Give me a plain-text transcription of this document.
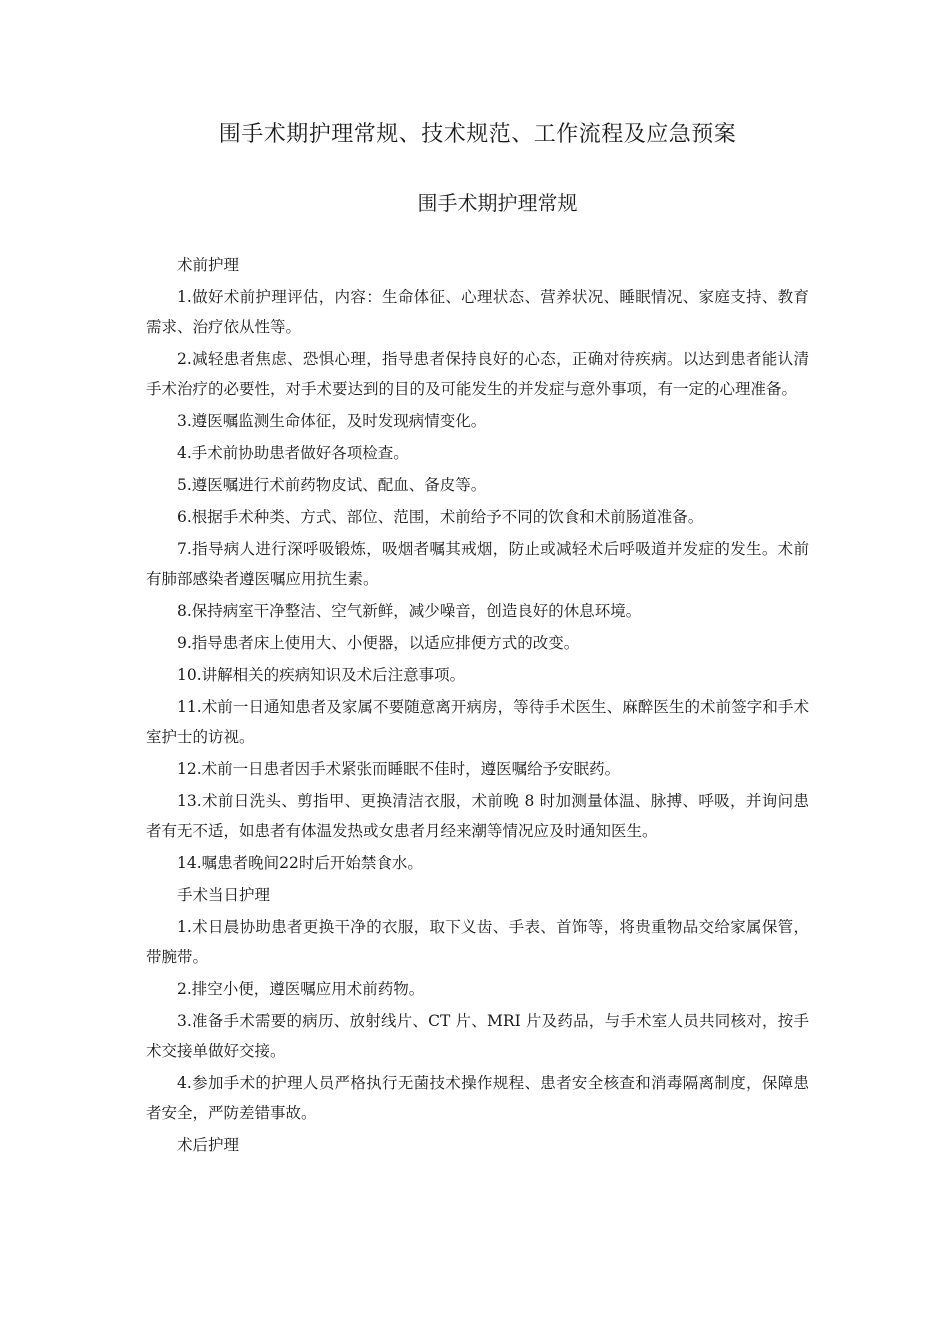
围手术期护理常规、技术规范、工作流程及应急预案
围手术期护理常规

术前护理

1.做好术前护理评估，内容：生命体征、心理状态、营养状况、睡眠情况、家庭支持、教育需求、治疗依从性等。

2.减轻患者焦虑、恐惧心理，指导患者保持良好的心态，正确对待疾病。以达到患者能认清手术治疗的必要性，对手术要达到的目的及可能发生的并发症与意外事项，有一定的心理准备。

3.遵医嘱监测生命体征，及时发现病情变化。

4.手术前协助患者做好各项检查。

5.遵医嘱进行术前药物皮试、配血、备皮等。

6.根据手术种类、方式、部位、范围，术前给予不同的饮食和术前肠道准备。

7.指导病人进行深呼吸锻炼，吸烟者嘱其戒烟，防止或减轻术后呼吸道并发症的发生。术前有肺部感染者遵医嘱应用抗生素。

8.保持病室干净整洁、空气新鲜，减少噪音，创造良好的休息环境。

9.指导患者床上使用大、小便器，以适应排便方式的改变。

10.讲解相关的疾病知识及术后注意事项。

11.术前一日通知患者及家属不要随意离开病房，等待手术医生、麻醉医生的术前签字和手术室护士的访视。

12.术前一日患者因手术紧张而睡眠不佳时，遵医嘱给予安眠药。

13.术前日洗头、剪指甲、更换清洁衣服，术前晚 8 时加测量体温、脉搏、呼吸，并询问患者有无不适，如患者有体温发热或女患者月经来潮等情况应及时通知医生。

14.嘱患者晚间22时后开始禁食水。

手术当日护理

1.术日晨协助患者更换干净的衣服，取下义齿、手表、首饰等，将贵重物品交给家属保管，带腕带。

2.排空小便，遵医嘱应用术前药物。

3.准备手术需要的病历、放射线片、CT 片、MRI 片及药品，与手术室人员共同核对，按手术交接单做好交接。

4.参加手术的护理人员严格执行无菌技术操作规程、患者安全核查和消毒隔离制度，保障患者安全，严防差错事故。

术后护理
